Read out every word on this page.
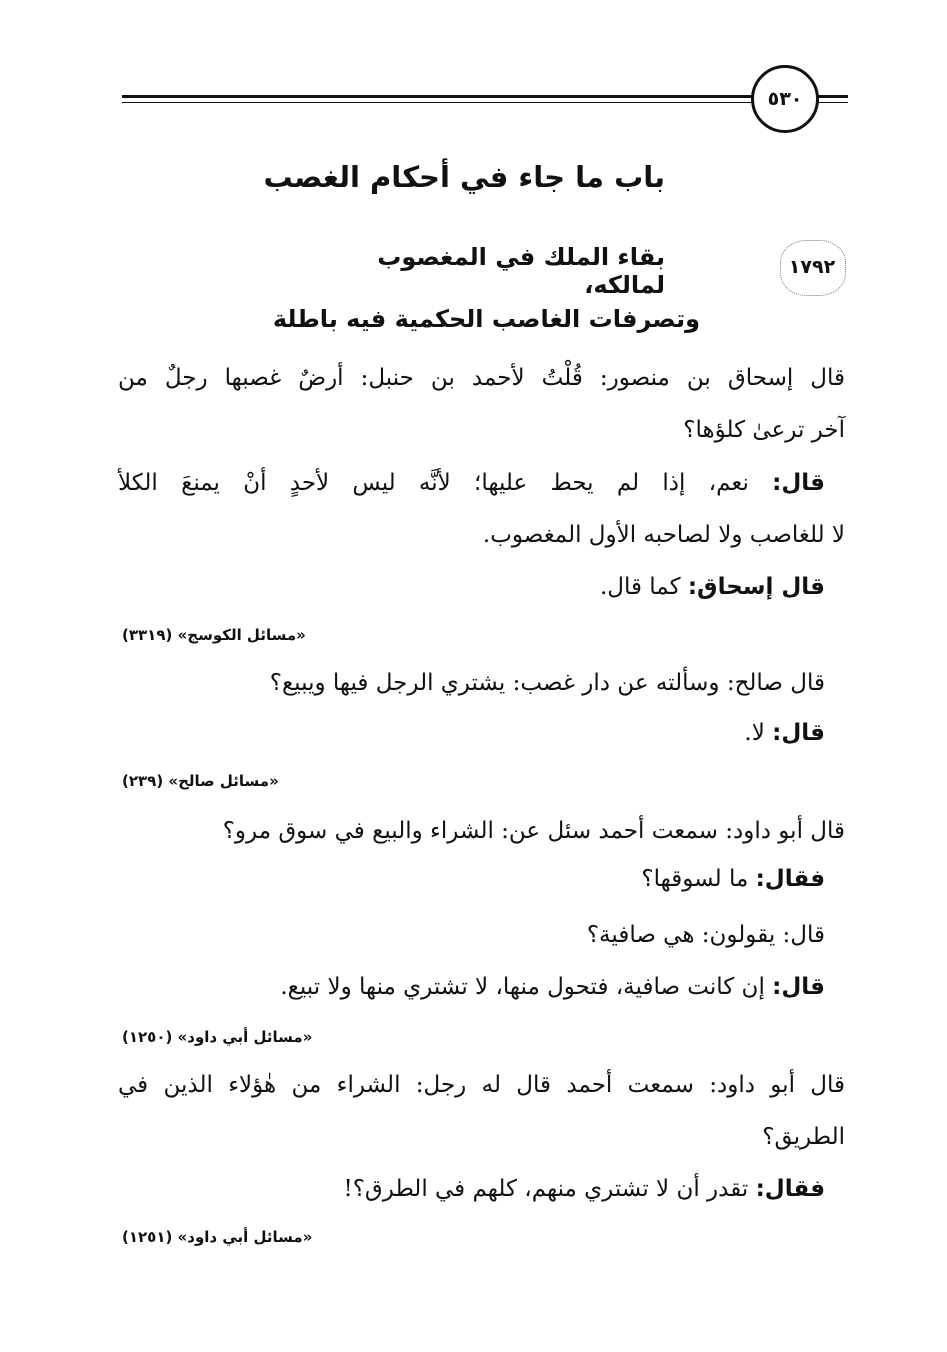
٥٣٠
باب ما جاء في أحكام الغصب
١٧٩٢
بقاء الملك في المغصوب لمالكه،
وتصرفات الغاصب الحكمية فيه باطلة
قال إسحاق بن منصور: قُلْتُ لأحمد بن حنبل: أرضٌ غصبها رجلٌ من
آخر ترعىٰ كلؤها؟
قال: نعم، إذا لم يحط عليها؛ لأنَّه ليس لأحدٍ أنْ يمنعَ الكلأ
لا للغاصب ولا لصاحبه الأول المغصوب.
قال إسحاق: كما قال.
«مسائل الكوسج» (٣٣١٩)
قال صالح: وسألته عن دار غصب: يشتري الرجل فيها ويبيع؟
قال: لا.
«مسائل صالح» (٢٣٩)
قال أبو داود: سمعت أحمد سئل عن: الشراء والبيع في سوق مرو؟
فقال: ما لسوقها؟
قال: يقولون: هي صافية؟
قال: إن كانت صافية، فتحول منها، لا تشتري منها ولا تبيع.
«مسائل أبي داود» (١٢٥٠)
قال أبو داود: سمعت أحمد قال له رجل: الشراء من هٰؤلاء الذين في
الطريق؟
فقال: تقدر أن لا تشتري منهم، كلهم في الطرق؟!
«مسائل أبي داود» (١٢٥١)
